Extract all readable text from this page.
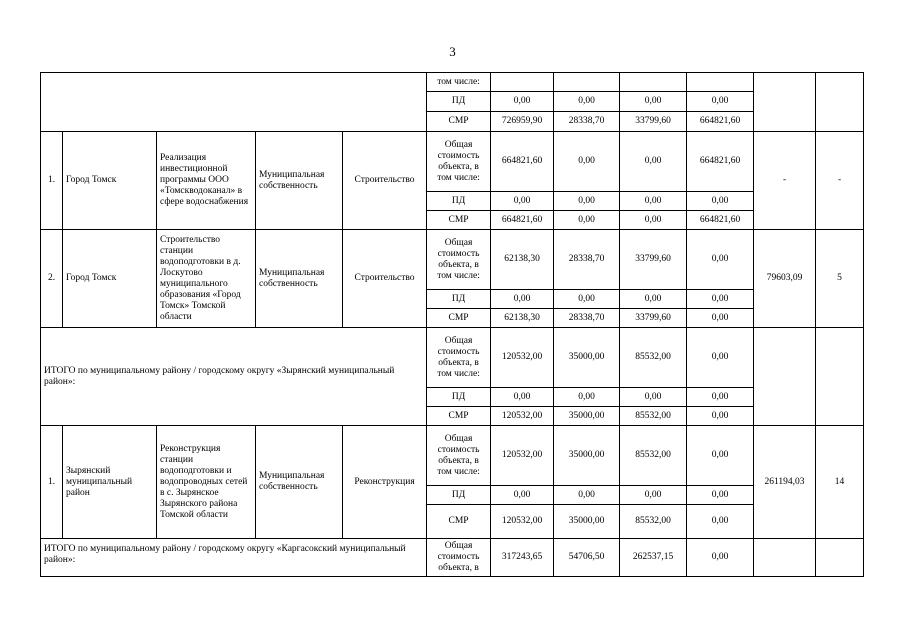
3
					том числе:						
					ПД	0,00	0,00	0,00	0,00		
					СМР	726959,90	28338,70	33799,60	664821,60		
1.	Город Томск	Реализация инвестиционной программы ООО «Томскводоканал» в сфере водоснабжения	Муниципальная собственность	Строительство	Общая стоимость объекта, в том числе:	664821,60	0,00	0,00	664821,60	-	-
					ПД	0,00	0,00	0,00	0,00		
					СМР	664821,60	0,00	0,00	664821,60		
2.	Город Томск	Строительство станции водоподготовки в д. Лоскутово муниципального образования «Город Томск» Томской области	Муниципальная собственность	Строительство	Общая стоимость объекта, в том числе:	62138,30	28338,70	33799,60	0,00	79603,09	5
					ПД	0,00	0,00	0,00	0,00		
					СМР	62138,30	28338,70	33799,60	0,00		
ИТОГО по муниципальному району / городскому округу «Зырянский муниципальный район»:					Общая стоимость объекта, в том числе:	120532,00	35000,00	85532,00	0,00		
					ПД	0,00	0,00	0,00	0,00		
					СМР	120532,00	35000,00	85532,00	0,00		
1.	Зырянский муниципальный район	Реконструкция станции водоподготовки и водопроводных сетей в с. Зырянское Зырянского района Томской области	Муниципальная собственность	Реконструкция	Общая стоимость объекта, в том числе:	120532,00	35000,00	85532,00	0,00	261194,03	14
					ПД	0,00	0,00	0,00	0,00		
					СМР	120532,00	35000,00	85532,00	0,00		
ИТОГО по муниципальному району / городскому округу «Каргасокский муниципальный район»:					Общая стоимость объекта, в	317243,65	54706,50	262537,15	0,00		
